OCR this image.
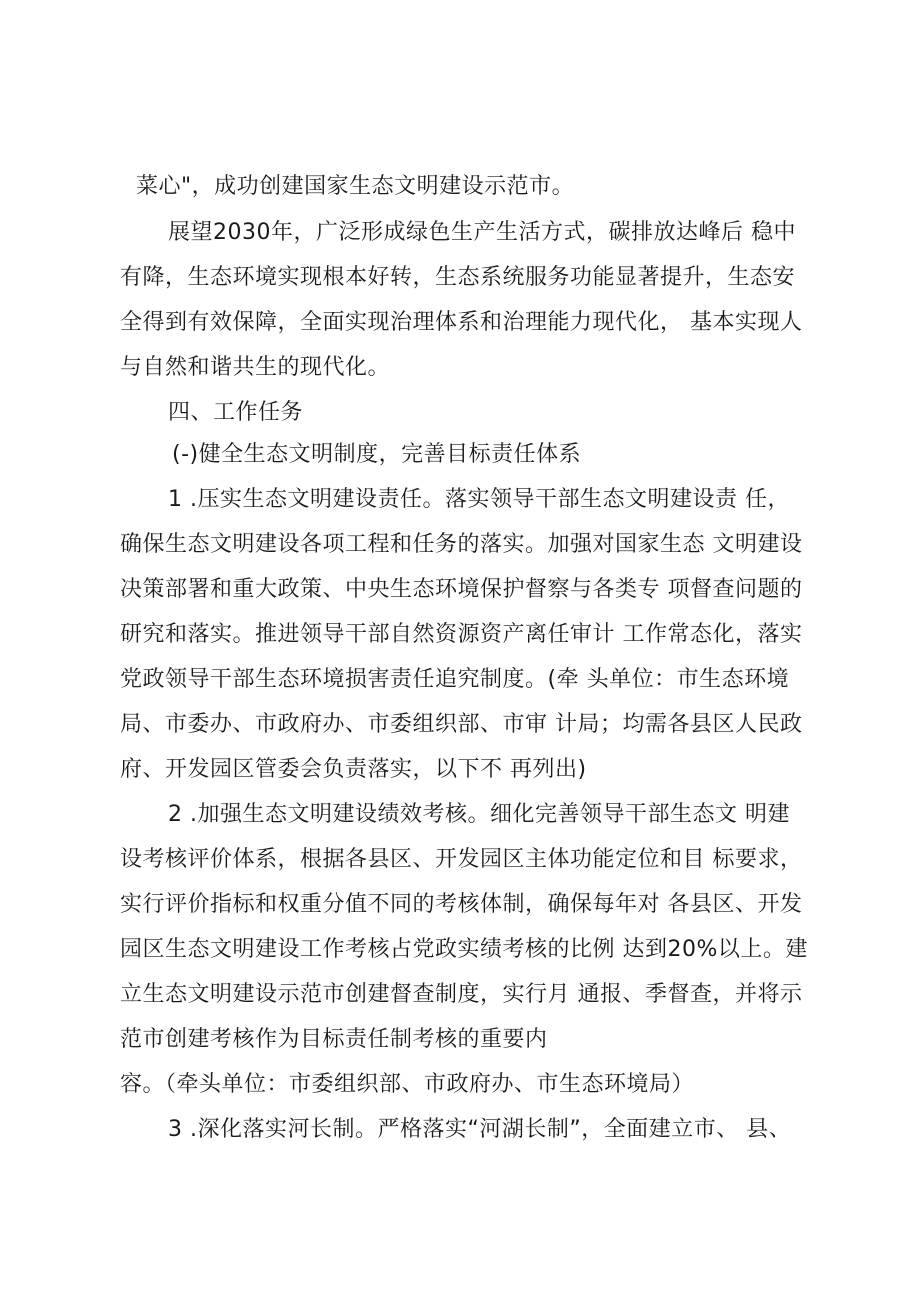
菜心"，成功创建国家生态文明建设示范市。
展望2030年，广泛形成绿色生产生活方式，碳排放达峰后 稳中
有降，生态环境实现根本好转，生态系统服务功能显著提升，生态安
全得到有效保障，全面实现治理体系和治理能力现代化， 基本实现人
与自然和谐共生的现代化。
四、工作任务
(-)健全生态文明制度，完善目标责任体系
1 .压实生态文明建设责任。落实领导干部生态文明建设责 任，
确保生态文明建设各项工程和任务的落实。加强对国家生态 文明建设
决策部署和重大政策、中央生态环境保护督察与各类专 项督查问题的
研究和落实。推进领导干部自然资源资产离任审计 工作常态化，落实
党政领导干部生态环境损害责任追究制度。(牵 头单位：市生态环境
局、市委办、市政府办、市委组织部、市审 计局；均需各县区人民政
府、开发园区管委会负责落实，以下不 再列出)
2 .加强生态文明建设绩效考核。细化完善领导干部生态文 明建
设考核评价体系，根据各县区、开发园区主体功能定位和目 标要求，
实行评价指标和权重分值不同的考核体制，确保每年对 各县区、开发
园区生态文明建设工作考核占党政实绩考核的比例 达到20%以上。建
立生态文明建设示范市创建督查制度，实行月 通报、季督查，并将示
范市创建考核作为目标责任制考核的重要内
容。（牵头单位：市委组织部、市政府办、市生态环境局）
3 .深化落实河长制。严格落实“河湖长制”，全面建立市、 县、
